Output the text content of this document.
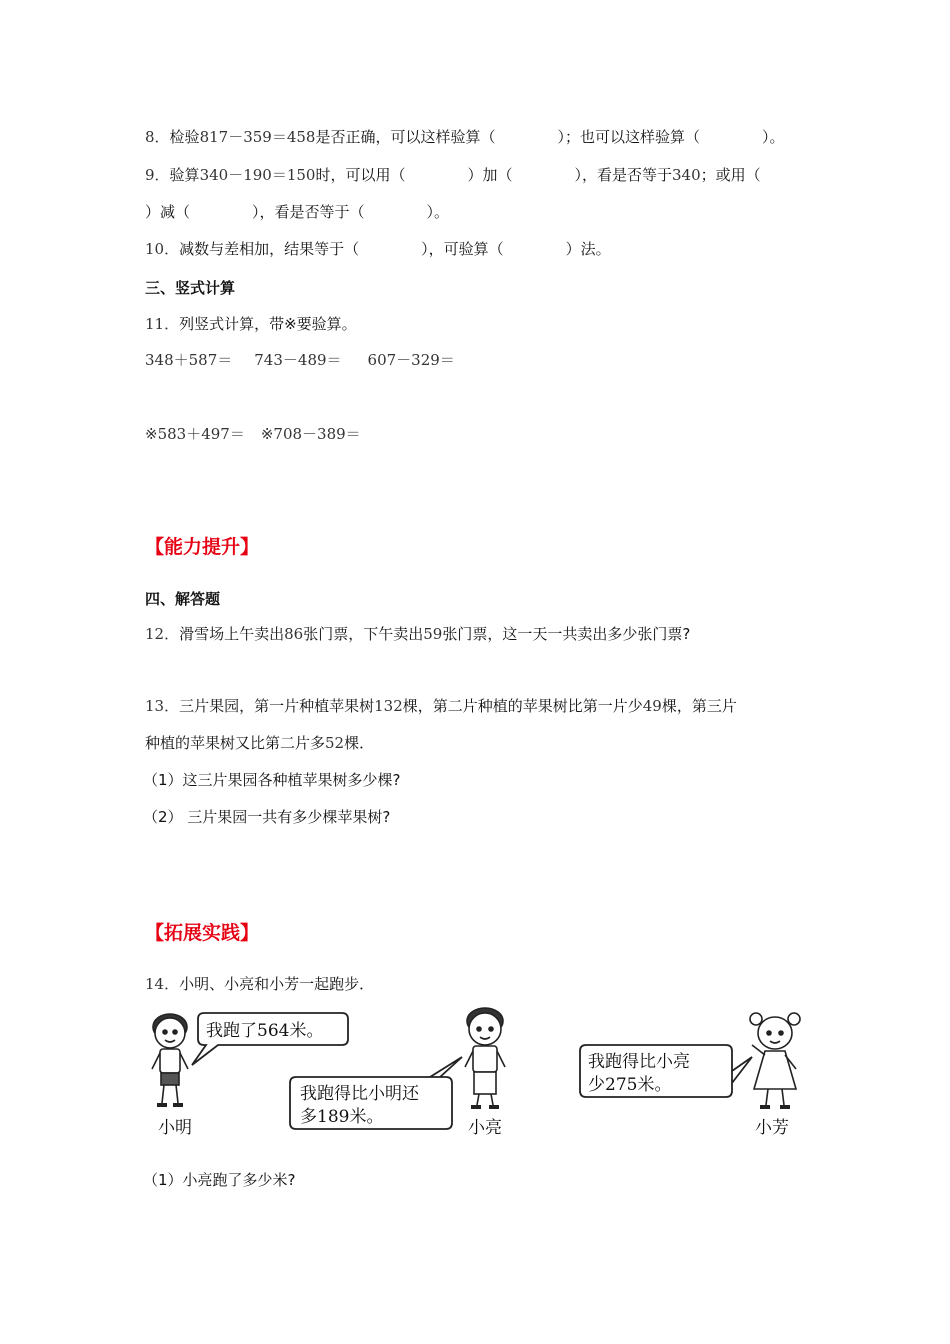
8．检验817－359＝458是否正确，可以这样验算（	）；也可以这样验算（	）。
9．验算340－190＝150时，可以用（	）加（	），看是否等于340；或用（
）减（	），看是否等于（	）。
10．减数与差相加，结果等于（	），可验算（	）法。
三、竖式计算
11．列竖式计算，带※要验算。
348＋587＝ 743－489＝ 607－329＝
※583＋497＝ ※708－389＝
【能力提升】
四、解答题
12．滑雪场上午卖出86张门票，下午卖出59张门票，这一天一共卖出多少张门票?
13．三片果园，第一片种植苹果树132棵，第二片种植的苹果树比第一片少49棵，第三片
种植的苹果树又比第二片多52棵．
（1）这三片果园各种植苹果树多少棵?
（2） 三片果园一共有多少棵苹果树?
【拓展实践】
14．小明、小亮和小芳一起跑步．
我跑了564米。
我跑得比小明还
多189米。
我跑得比小亮
少275米。
小明	小亮	小芳
（1）小亮跑了多少米?
